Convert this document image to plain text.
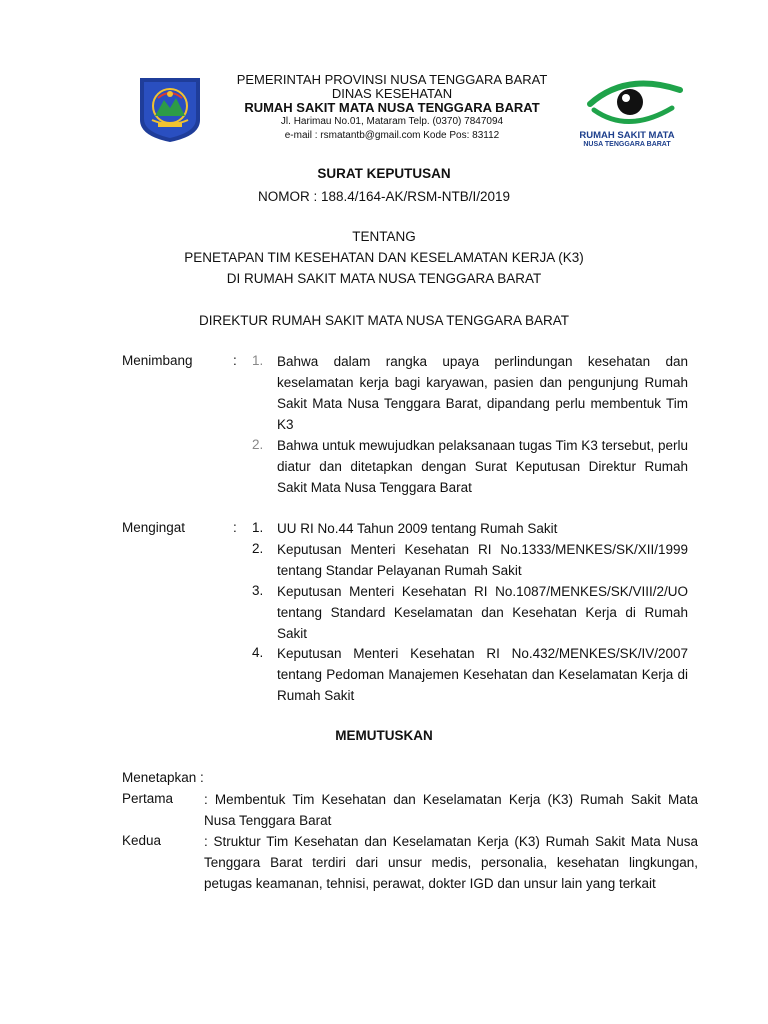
PEMERINTAH PROVINSI NUSA TENGGARA BARAT
DINAS KESEHATAN
RUMAH SAKIT MATA NUSA TENGGARA BARAT
Jl. Harimau No.01, Mataram Telp. (0370) 7847094
e-mail : rsmatantb@gmail.com Kode Pos: 83112	RUMAH SAKIT MATA
NUSA TENGGARA BARAT
SURAT KEPUTUSAN
NOMOR : 188.4/164-AK/RSM-NTB/I/2019
TENTANG
PENETAPAN TIM KESEHATAN DAN KESELAMATAN KERJA (K3)
DI RUMAH SAKIT MATA NUSA TENGGARA BARAT
DIREKTUR RUMAH SAKIT MATA NUSA TENGGARA BARAT
Menimbang	: 1. Bahwa dalam rangka upaya perlindungan kesehatan dan keselamatan kerja bagi karyawan, pasien dan pengunjung Rumah Sakit Mata Nusa Tenggara Barat, dipandang perlu membentuk Tim K3
2. Bahwa untuk mewujudkan pelaksanaan tugas Tim K3 tersebut, perlu diatur dan ditetapkan dengan Surat Keputusan Direktur Rumah Sakit Mata Nusa Tenggara Barat
Mengingat	: 1. UU RI No.44 Tahun 2009 tentang Rumah Sakit
2. Keputusan Menteri Kesehatan RI No.1333/MENKES/SK/XII/1999 tentang Standar Pelayanan Rumah Sakit
3. Keputusan Menteri Kesehatan RI No.1087/MENKES/SK/VIII/2/UO tentang Standard Keselamatan dan Kesehatan Kerja di Rumah Sakit
4. Keputusan Menteri Kesehatan RI No.432/MENKES/SK/IV/2007 tentang Pedoman Manajemen Kesehatan dan Keselamatan Kerja di Rumah Sakit
MEMUTUSKAN
Menetapkan :
Pertama : Membentuk Tim Kesehatan dan Keselamatan Kerja (K3) Rumah Sakit Mata Nusa Tenggara Barat
Kedua	: Struktur Tim Kesehatan dan Keselamatan Kerja (K3) Rumah Sakit Mata Nusa Tenggara Barat terdiri dari unsur medis, personalia, kesehatan lingkungan, petugas keamanan, tehnisi, perawat, dokter IGD dan unsur lain yang terkait
